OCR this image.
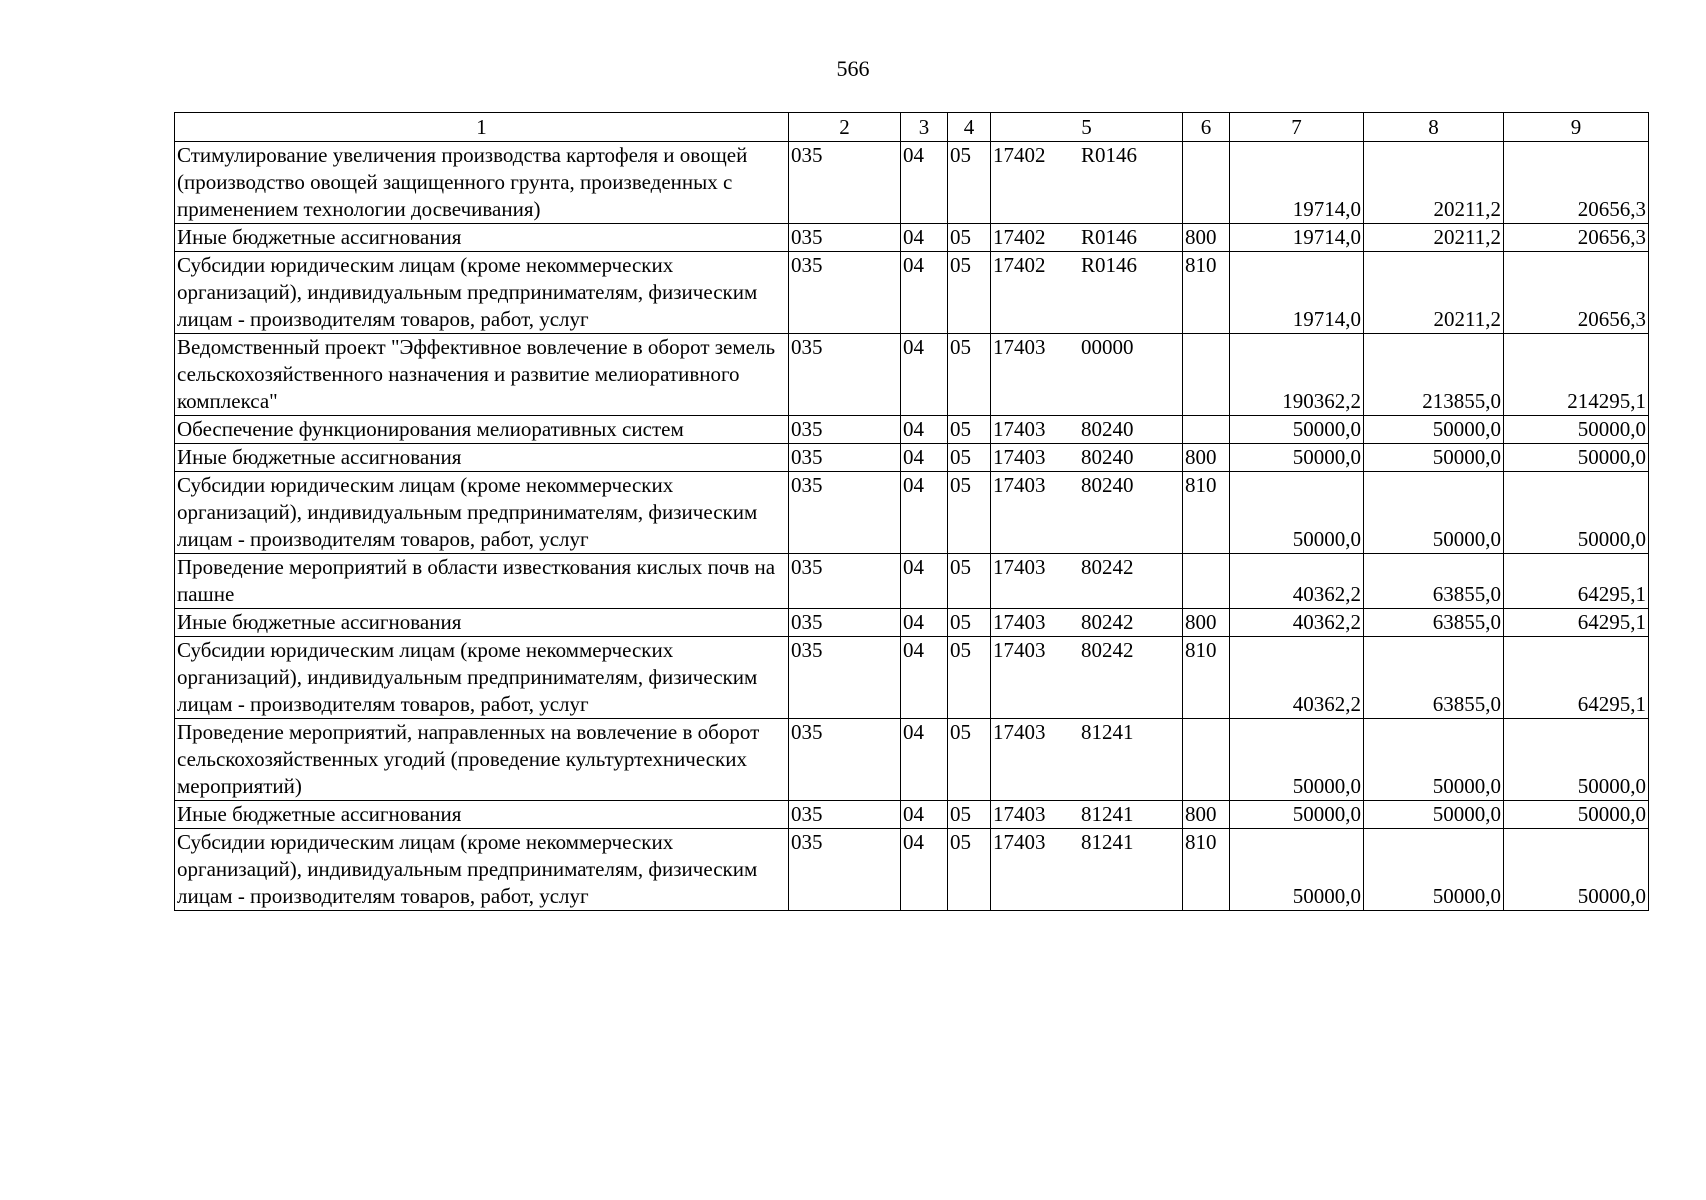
566
1	2	3	4	5	6	7	8	9
Стимулирование увеличения производства картофеля и овощей (производство овощей защищенного грунта, произведенных с применением технологии досвечивания)	035	04	05	17402 R0146		19714,0	20211,2	20656,3
Иные бюджетные ассигнования	035	04	05	17402 R0146	800	19714,0	20211,2	20656,3
Субсидии юридическим лицам (кроме некоммерческих организаций), индивидуальным предпринимателям, физическим лицам - производителям товаров, работ, услуг	035	04	05	17402 R0146	810	19714,0	20211,2	20656,3
Ведомственный проект "Эффективное вовлечение в оборот земель сельскохозяйственного назначения и развитие мелиоративного комплекса"	035	04	05	17403 00000		190362,2	213855,0	214295,1
Обеспечение функционирования мелиоративных систем	035	04	05	17403 80240		50000,0	50000,0	50000,0
Иные бюджетные ассигнования	035	04	05	17403 80240	800	50000,0	50000,0	50000,0
Субсидии юридическим лицам (кроме некоммерческих организаций), индивидуальным предпринимателям, физическим лицам - производителям товаров, работ, услуг	035	04	05	17403 80240	810	50000,0	50000,0	50000,0
Проведение мероприятий в области известкования кислых почв на пашне	035	04	05	17403 80242		40362,2	63855,0	64295,1
Иные бюджетные ассигнования	035	04	05	17403 80242	800	40362,2	63855,0	64295,1
Субсидии юридическим лицам (кроме некоммерческих организаций), индивидуальным предпринимателям, физическим лицам - производителям товаров, работ, услуг	035	04	05	17403 80242	810	40362,2	63855,0	64295,1
Проведение мероприятий, направленных на вовлечение в оборот сельскохозяйственных угодий (проведение культуртехнических мероприятий)	035	04	05	17403 81241		50000,0	50000,0	50000,0
Иные бюджетные ассигнования	035	04	05	17403 81241	800	50000,0	50000,0	50000,0
Субсидии юридическим лицам (кроме некоммерческих организаций), индивидуальным предпринимателям, физическим лицам - производителям товаров, работ, услуг	035	04	05	17403 81241	810	50000,0	50000,0	50000,0
